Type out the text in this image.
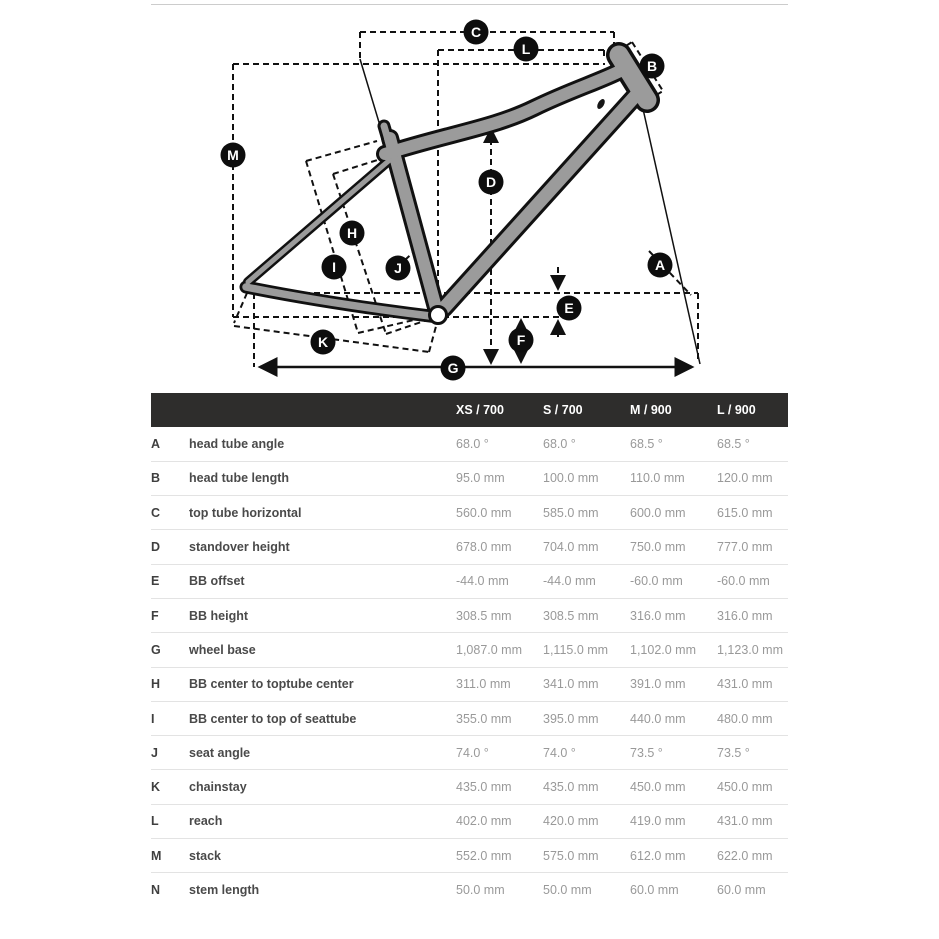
C
L
B
M
D
H
I	J	A
E
F
K
G
		XS / 700	S / 700	M / 900	L / 900
A	head tube angle	68.0 °	68.0 °	68.5 °	68.5 °
B	head tube length	95.0 mm	100.0 mm	110.0 mm	120.0 mm
C	top tube horizontal	560.0 mm	585.0 mm	600.0 mm	615.0 mm
D	standover height	678.0 mm	704.0 mm	750.0 mm	777.0 mm
E	BB offset	-44.0 mm	-44.0 mm	-60.0 mm	-60.0 mm
F	BB height	308.5 mm	308.5 mm	316.0 mm	316.0 mm
G	wheel base	1,087.0 mm	1,115.0 mm	1,102.0 mm	1,123.0 mm
H	BB center to toptube center	311.0 mm	341.0 mm	391.0 mm	431.0 mm
I	BB center to top of seattube	355.0 mm	395.0 mm	440.0 mm	480.0 mm
J	seat angle	74.0 °	74.0 °	73.5 °	73.5 °
K	chainstay	435.0 mm	435.0 mm	450.0 mm	450.0 mm
L	reach	402.0 mm	420.0 mm	419.0 mm	431.0 mm
M	stack	552.0 mm	575.0 mm	612.0 mm	622.0 mm
N	stem length	50.0 mm	50.0 mm	60.0 mm	60.0 mm
